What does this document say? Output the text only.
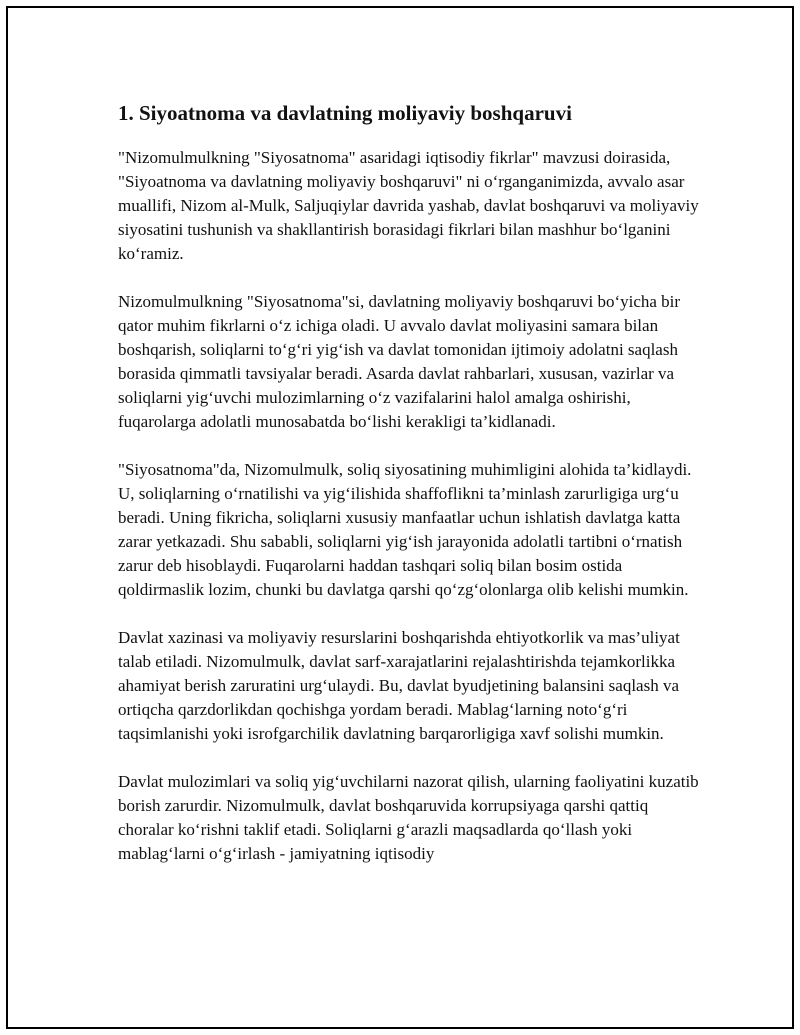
1. Siyoatnoma va davlatning moliyaviy boshqaruvi

"Nizomulmulkning "Siyosatnoma" asaridagi iqtisodiy fikrlar" mavzusi doirasida, "Siyoatnoma va davlatning moliyaviy boshqaruvi" ni o‘rganganimizda, avvalo asar muallifi, Nizom al-Mulk, Saljuqiylar davrida yashab, davlat boshqaruvi va moliyaviy siyosatini tushunish va shakllantirish borasidagi fikrlari bilan mashhur bo‘lganini ko‘ramiz.

Nizomulmulkning "Siyosatnoma"si, davlatning moliyaviy boshqaruvi bo‘yicha bir qator muhim fikrlarni o‘z ichiga oladi. U avvalo davlat moliyasini samara bilan boshqarish, soliqlarni to‘g‘ri yig‘ish va davlat tomonidan ijtimoiy adolatni saqlash borasida qimmatli tavsiyalar beradi. Asarda davlat rahbarlari, xususan, vazirlar va soliqlarni yig‘uvchi mulozimlarning o‘z vazifalarini halol amalga oshirishi, fuqarolarga adolatli munosabatda bo‘lishi kerakligi ta’kidlanadi.

"Siyosatnoma"da, Nizomulmulk, soliq siyosatining muhimligini alohida ta’kidlaydi. U, soliqlarning o‘rnatilishi va yig‘ilishida shaffoflikni ta’minlash zarurligiga urg‘u beradi. Uning fikricha, soliqlarni xususiy manfaatlar uchun ishlatish davlatga katta zarar yetkazadi. Shu sababli, soliqlarni yig‘ish jarayonida adolatli tartibni o‘rnatish zarur deb hisoblaydi. Fuqarolarni haddan tashqari soliq bilan bosim ostida qoldirmaslik lozim, chunki bu davlatga qarshi qo‘zg‘olonlarga olib kelishi mumkin.

Davlat xazinasi va moliyaviy resurslarini boshqarishda ehtiyotkorlik va mas’uliyat talab etiladi. Nizomulmulk, davlat sarf-xarajatlarini rejalashtirishda tejamkorlikka ahamiyat berish zaruratini urg‘ulaydi. Bu, davlat byudjetining balansini saqlash va ortiqcha qarzdorlikdan qochishga yordam beradi. Mablag‘larning noto‘g‘ri taqsimlanishi yoki isrofgarchilik davlatning barqarorligiga xavf solishi mumkin.

Davlat mulozimlari va soliq yig‘uvchilarni nazorat qilish, ularning faoliyatini kuzatib borish zarurdir. Nizomulmulk, davlat boshqaruvida korrupsiyaga qarshi qattiq choralar ko‘rishni taklif etadi. Soliqlarni g‘arazli maqsadlarda qo‘llash yoki mablag‘larni o‘g‘irlash - jamiyatning iqtisodiy
